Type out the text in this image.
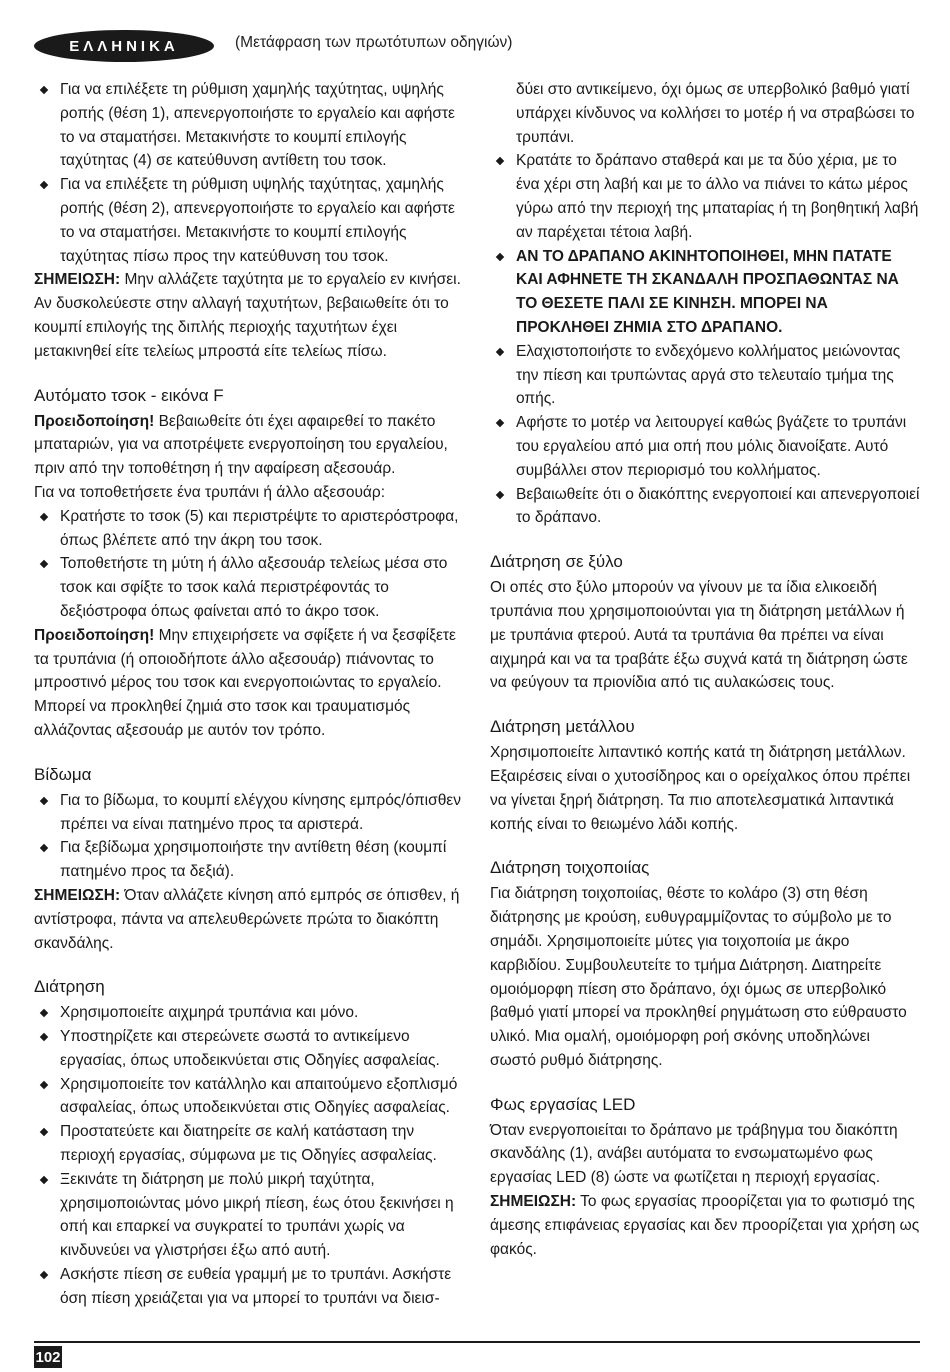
ΕΛΛΗΝΙΚΑ	(Μετάφραση των πρωτότυπων οδηγιών)
Για να επιλέξετε τη ρύθμιση χαμηλής ταχύτητας, υψηλής ροπής (θέση 1), απενεργοποιήστε το εργαλείο και αφήστε το να σταματήσει. Μετακινήστε το κουμπί επιλογής ταχύτητας (4) σε κατεύθυνση αντίθετη του τσοκ.
Για να επιλέξετε τη ρύθμιση υψηλής ταχύτητας, χαμηλής ροπής (θέση 2), απενεργοποιήστε το εργαλείο και αφήστε το να σταματήσει. Μετακινήστε το κουμπί επιλογής ταχύτητας πίσω προς την κατεύθυνση του τσοκ.

ΣΗΜΕΙΩΣΗ: Μην αλλάζετε ταχύτητα με το εργαλείο εν κινήσει. Αν δυσκολεύεστε στην αλλαγή ταχυτήτων, βεβαιωθείτε ότι το κουμπί επιλογής της διπλής περιοχής ταχυτήτων έχει μετακινηθεί είτε τελείως μπροστά είτε τελείως πίσω.

Αυτόματο τσοκ - εικόνα F

Προειδοποίηση! Βεβαιωθείτε ότι έχει αφαιρεθεί το πακέτο μπαταριών, για να αποτρέψετε ενεργοποίηση του εργαλείου, πριν από την τοποθέτηση ή την αφαίρεση αξεσουάρ.

Για να τοποθετήσετε ένα τρυπάνι ή άλλο αξεσουάρ:

Κρατήστε το τσοκ (5) και περιστρέψτε το αριστερόστροφα, όπως βλέπετε από την άκρη του τσοκ.
Τοποθετήστε τη μύτη ή άλλο αξεσουάρ τελείως μέσα στο τσοκ και σφίξτε το τσοκ καλά περιστρέφοντάς το δεξιόστροφα όπως φαίνεται από το άκρο τσοκ.

Προειδοποίηση! Μην επιχειρήσετε να σφίξετε ή να ξεσφίξετε τα τρυπάνια (ή οποιοδήποτε άλλο αξεσουάρ) πιάνοντας το μπροστινό μέρος του τσοκ και ενεργοποιώντας το εργαλείο. Μπορεί να προκληθεί ζημιά στο τσοκ και τραυματισμός αλλάζοντας αξεσουάρ με αυτόν τον τρόπο.

Βίδωμα
Για το βίδωμα, το κουμπί ελέγχου κίνησης εμπρός/όπισθεν πρέπει να είναι πατημένο προς τα αριστερά.
Για ξεβίδωμα χρησιμοποιήστε την αντίθετη θέση (κουμπί πατημένο προς τα δεξιά).

ΣΗΜΕΙΩΣΗ: Όταν αλλάζετε κίνηση από εμπρός σε όπισθεν, ή αντίστροφα, πάντα να απελευθερώνετε πρώτα το διακόπτη σκανδάλης.

Διάτρηση
Χρησιμοποιείτε αιχμηρά τρυπάνια και μόνο.
Υποστηρίζετε και στερεώνετε σωστά το αντικείμενο εργασίας, όπως υποδεικνύεται στις Οδηγίες ασφαλείας.
Χρησιμοποιείτε τον κατάλληλο και απαιτούμενο εξοπλισμό ασφαλείας, όπως υποδεικνύεται στις Οδηγίες ασφαλείας.
Προστατεύετε και διατηρείτε σε καλή κατάσταση την περιοχή εργασίας, σύμφωνα με τις Οδηγίες ασφαλείας.
Ξεκινάτε τη διάτρηση με πολύ μικρή ταχύτητα, χρησιμοποιώντας μόνο μικρή πίεση, έως ότου ξεκινήσει η οπή και επαρκεί να συγκρατεί το τρυπάνι χωρίς να κινδυνεύει να γλιστρήσει έξω από αυτή.
Ασκήστε πίεση σε ευθεία γραμμή με το τρυπάνι. Ασκήστε όση πίεση χρειάζεται για να μπορεί το τρυπάνι να διεισ-

δύει στο αντικείμενο, όχι όμως σε υπερβολικό βαθμό γιατί υπάρχει κίνδυνος να κολλήσει το μοτέρ ή να στραβώσει το τρυπάνι.

Κρατάτε το δράπανο σταθερά και με τα δύο χέρια, με το ένα χέρι στη λαβή και με το άλλο να πιάνει το κάτω μέρος γύρω από την περιοχή της μπαταρίας ή τη βοηθητική λαβή αν παρέχεται τέτοια λαβή.
ΑΝ ΤΟ ΔΡΑΠΑΝΟ ΑΚΙΝΗΤΟΠΟΙΗΘΕΙ, ΜΗΝ ΠΑΤΑΤΕ ΚΑΙ ΑΦΗΝΕΤΕ ΤΗ ΣΚΑΝΔΑΛΗ ΠΡΟΣΠΑΘΩΝΤΑΣ ΝΑ ΤΟ ΘΕΣΕΤΕ ΠΑΛΙ ΣΕ ΚΙΝΗΣΗ. ΜΠΟΡΕΙ ΝΑ ΠΡΟΚΛΗΘΕΙ ΖΗΜΙΑ ΣΤΟ ΔΡΑΠΑΝΟ.
Ελαχιστοποιήστε το ενδεχόμενο κολλήματος μειώνοντας την πίεση και τρυπώντας αργά στο τελευταίο τμήμα της οπής.
Αφήστε το μοτέρ να λειτουργεί καθώς βγάζετε το τρυπάνι του εργαλείου από μια οπή που μόλις διανοίξατε. Αυτό συμβάλλει στον περιορισμό του κολλήματος.
Βεβαιωθείτε ότι ο διακόπτης ενεργοποιεί και απενεργοποιεί το δράπανο.
Διάτρηση σε ξύλο

Οι οπές στο ξύλο μπορούν να γίνουν με τα ίδια ελικοειδή τρυπάνια που χρησιμοποιούνται για τη διάτρηση μετάλλων ή με τρυπάνια φτερού. Αυτά τα τρυπάνια θα πρέπει να είναι αιχμηρά και να τα τραβάτε έξω συχνά κατά τη διάτρηση ώστε να φεύγουν τα πριονίδια από τις αυλακώσεις τους.

Διάτρηση μετάλλου

Χρησιμοποιείτε λιπαντικό κοπής κατά τη διάτρηση μετάλλων. Εξαιρέσεις είναι ο χυτοσίδηρος και ο ορείχαλκος όπου πρέπει να γίνεται ξηρή διάτρηση. Τα πιο αποτελεσματικά λιπαντικά κοπής είναι το θειωμένο λάδι κοπής.

Διάτρηση τοιχοποιίας

Για διάτρηση τοιχοποιίας, θέστε το κολάρο (3) στη θέση διάτρησης με κρούση, ευθυγραμμίζοντας το σύμβολο με το σημάδι. Χρησιμοποιείτε μύτες για τοιχοποιία με άκρο καρβιδίου. Συμβουλευτείτε το τμήμα Διάτρηση. Διατηρείτε ομοιόμορφη πίεση στο δράπανο, όχι όμως σε υπερβολικό βαθμό γιατί μπορεί να προκληθεί ρηγμάτωση στο εύθραυστο υλικό. Μια ομαλή, ομοιόμορφη ροή σκόνης υποδηλώνει σωστό ρυθμό διάτρησης.

Φως εργασίας LED

Όταν ενεργοποιείται το δράπανο με τράβηγμα του διακόπτη σκανδάλης (1), ανάβει αυτόματα το ενσωματωμένο φως εργασίας LED (8) ώστε να φωτίζεται η περιοχή εργασίας.

ΣΗΜΕΙΩΣΗ: Το φως εργασίας προορίζεται για το φωτισμό της άμεσης επιφάνειας εργασίας και δεν προορίζεται για χρήση ως φακός.

102
